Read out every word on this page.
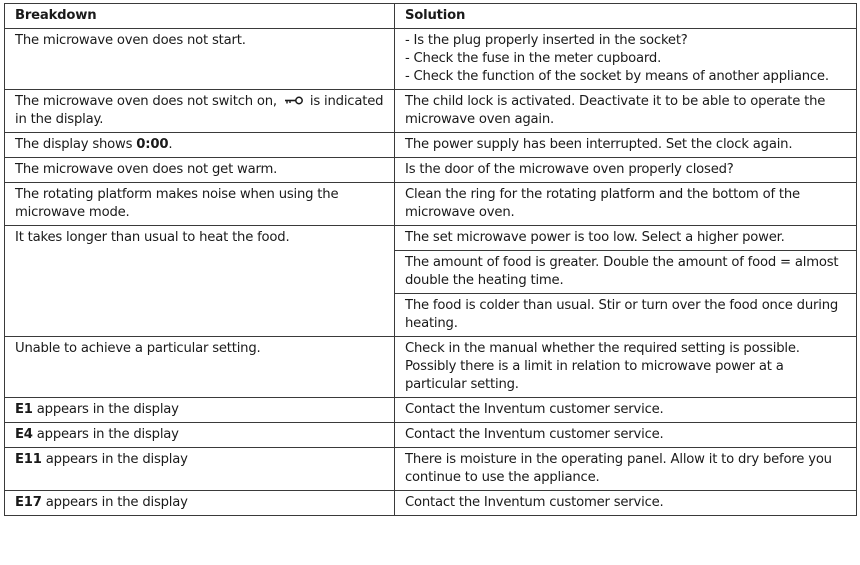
Breakdown	Solution
The microwave oven does not start.	- Is the plug properly inserted in the socket?
- Check the fuse in the meter cupboard.
- Check the function of the socket by means of another appliance.

The microwave oven does not switch on, is indicated in the display.	The child lock is activated. Deactivate it to be able to operate the microwave oven again.
The display shows 0:00.	The power supply has been interrupted. Set the clock again.
The microwave oven does not get warm.	Is the door of the microwave oven properly closed?
The rotating platform makes noise when using the microwave mode.	Clean the ring for the rotating platform and the bottom of the microwave oven.
It takes longer than usual to heat the food.	The set microwave power is too low. Select a higher power.
	The amount of food is greater. Double the amount of food = almost double the heating time.
	The food is colder than usual. Stir or turn over the food once during heating.
Unable to achieve a particular setting.	Check in the manual whether the required setting is possible. Possibly there is a limit in relation to microwave power at a particular setting.
E1 appears in the display	Contact the Inventum customer service.
E4 appears in the display	Contact the Inventum customer service.
E11 appears in the display	There is moisture in the operating panel. Allow it to dry before you continue to use the appliance.
E17 appears in the display	Contact the Inventum customer service.
